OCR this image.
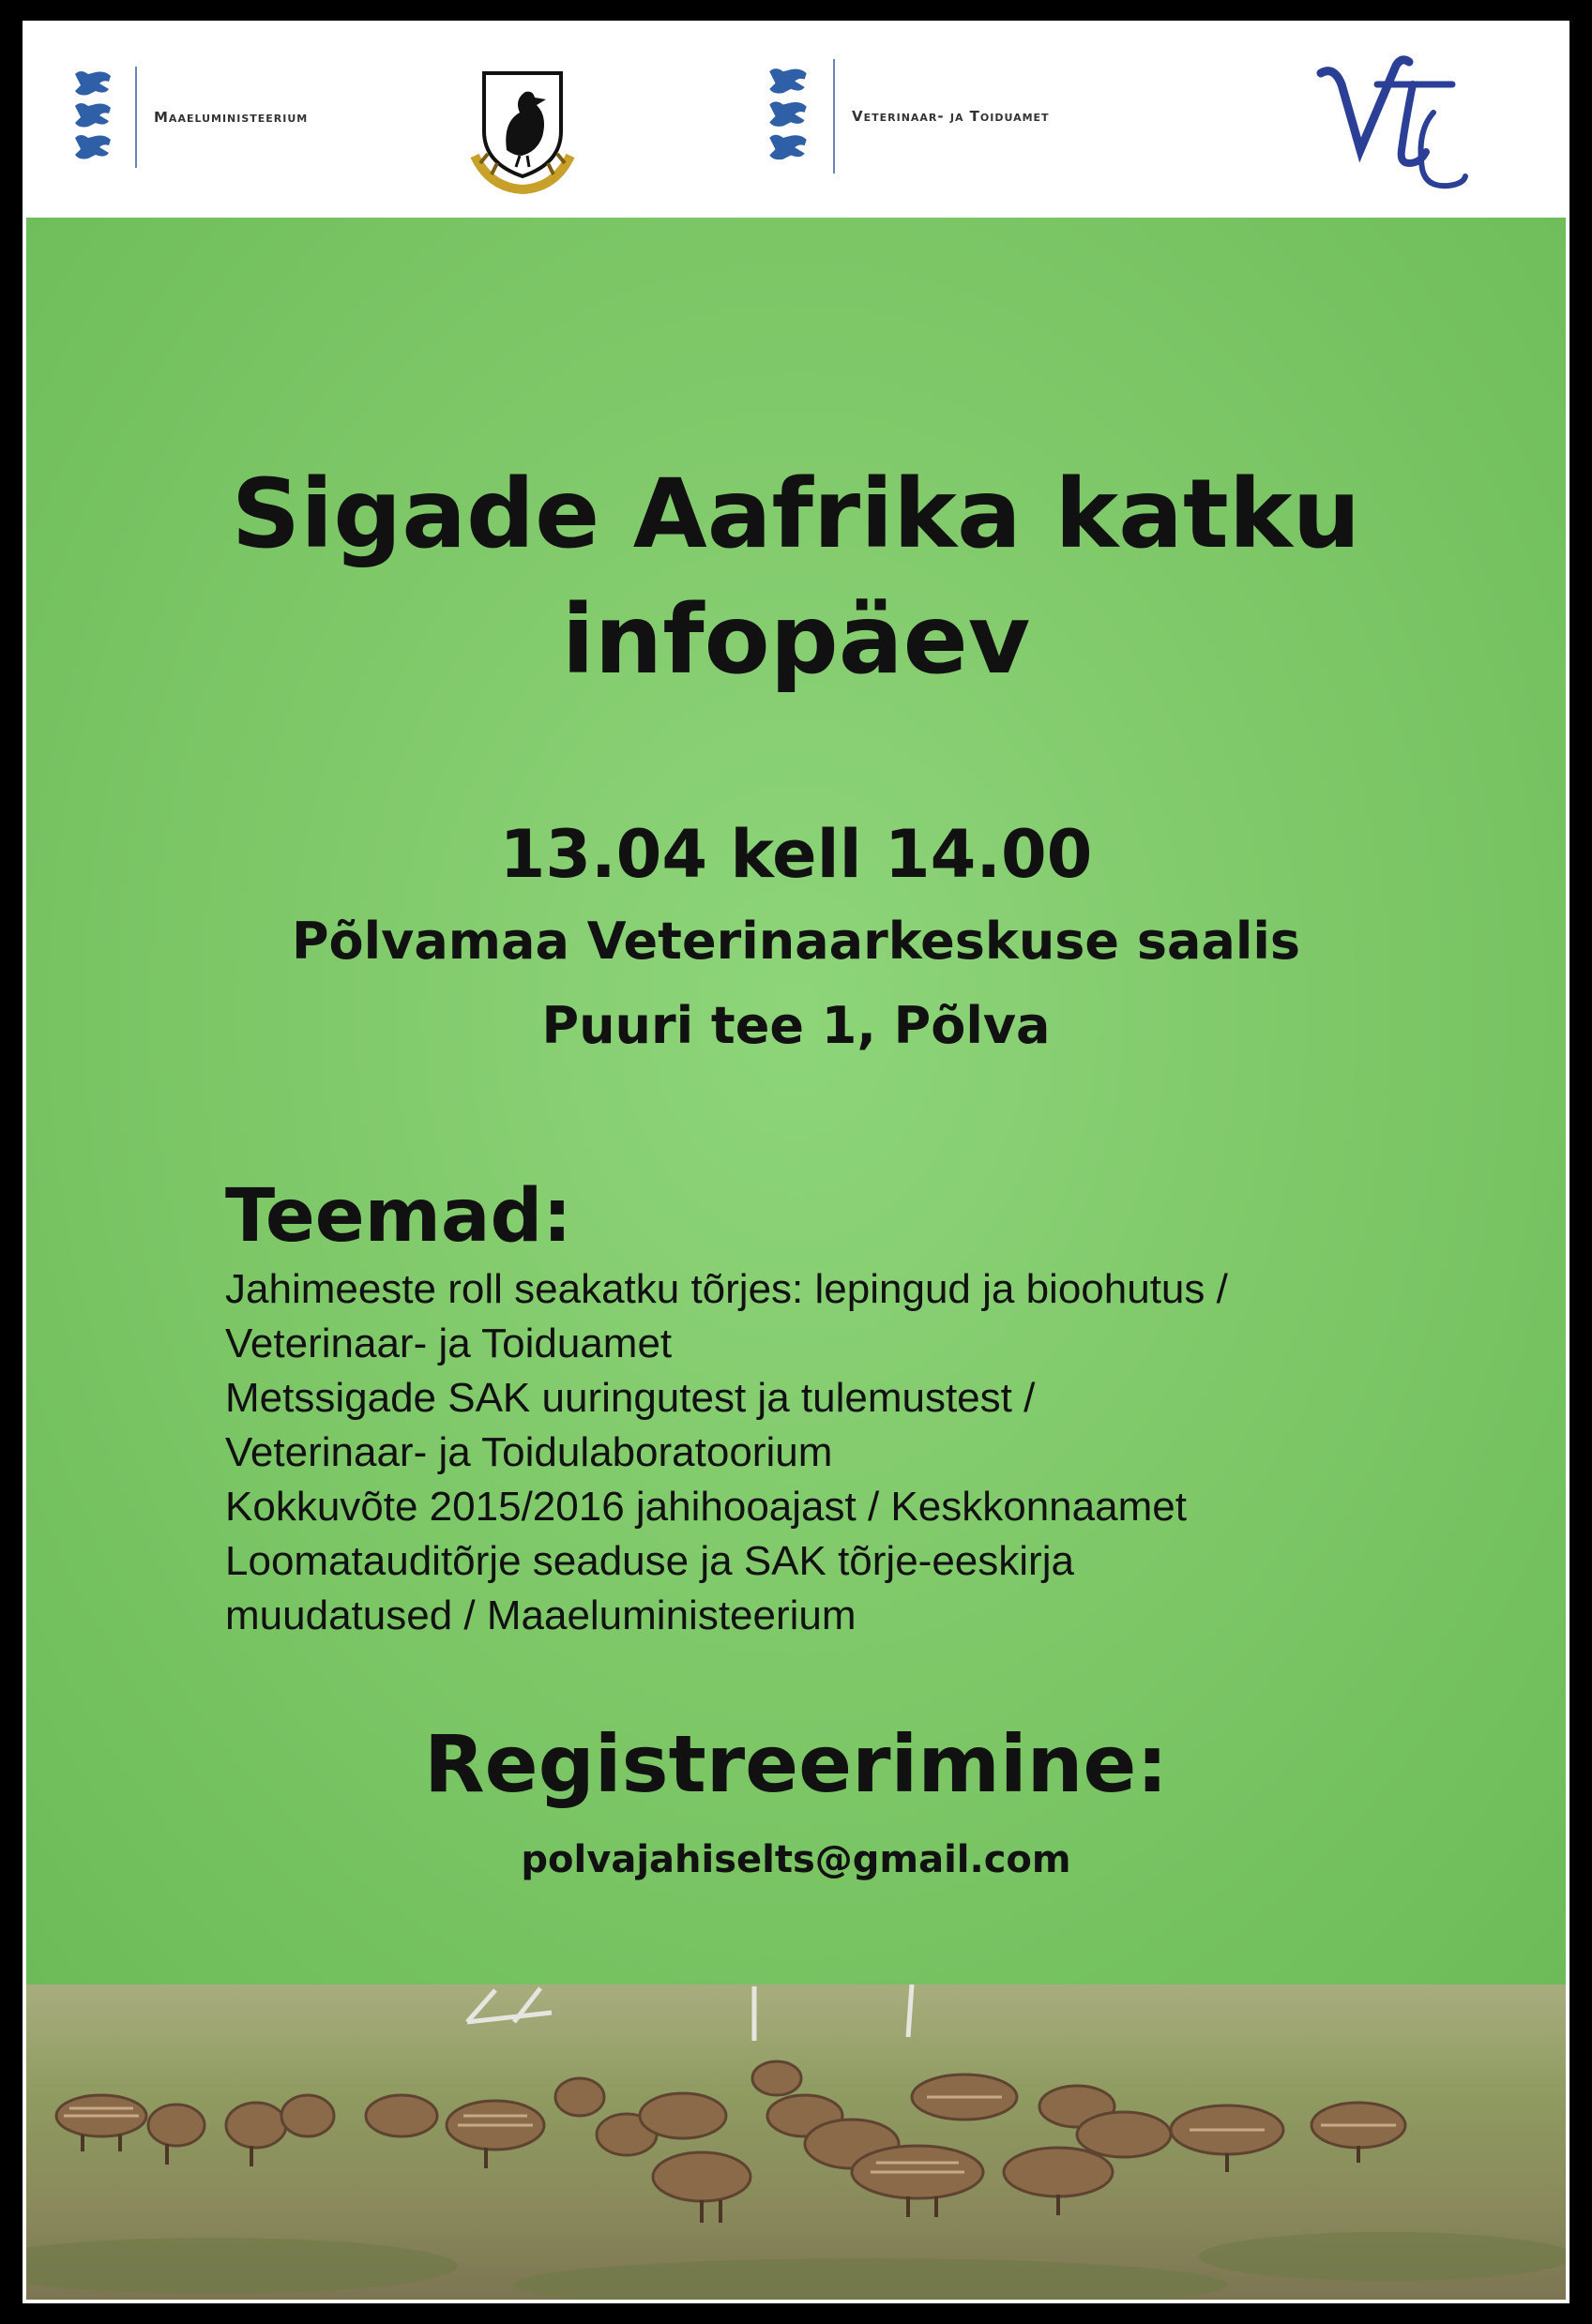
Maaeluministeerium	Veterinaar- ja Toiduamet
Sigade Aafrika katku
infopäev
13.04 kell 14.00
Põlvamaa Veterinaarkeskuse saalis
Puuri tee 1, Põlva
Teemad:
Jahimeeste roll seakatku tõrjes: lepingud ja bioohutus /
Veterinaar- ja Toiduamet
Metssigade SAK uuringutest ja tulemustest /
Veterinaar- ja Toidulaboratoorium
Kokkuvõte 2015/2016 jahihooajast / Keskkonnaamet
Loomatauditõrje seaduse ja SAK tõrje-eeskirja
muudatused / Maaeluministeerium
Registreerimine:
polvajahiselts@gmail.com
